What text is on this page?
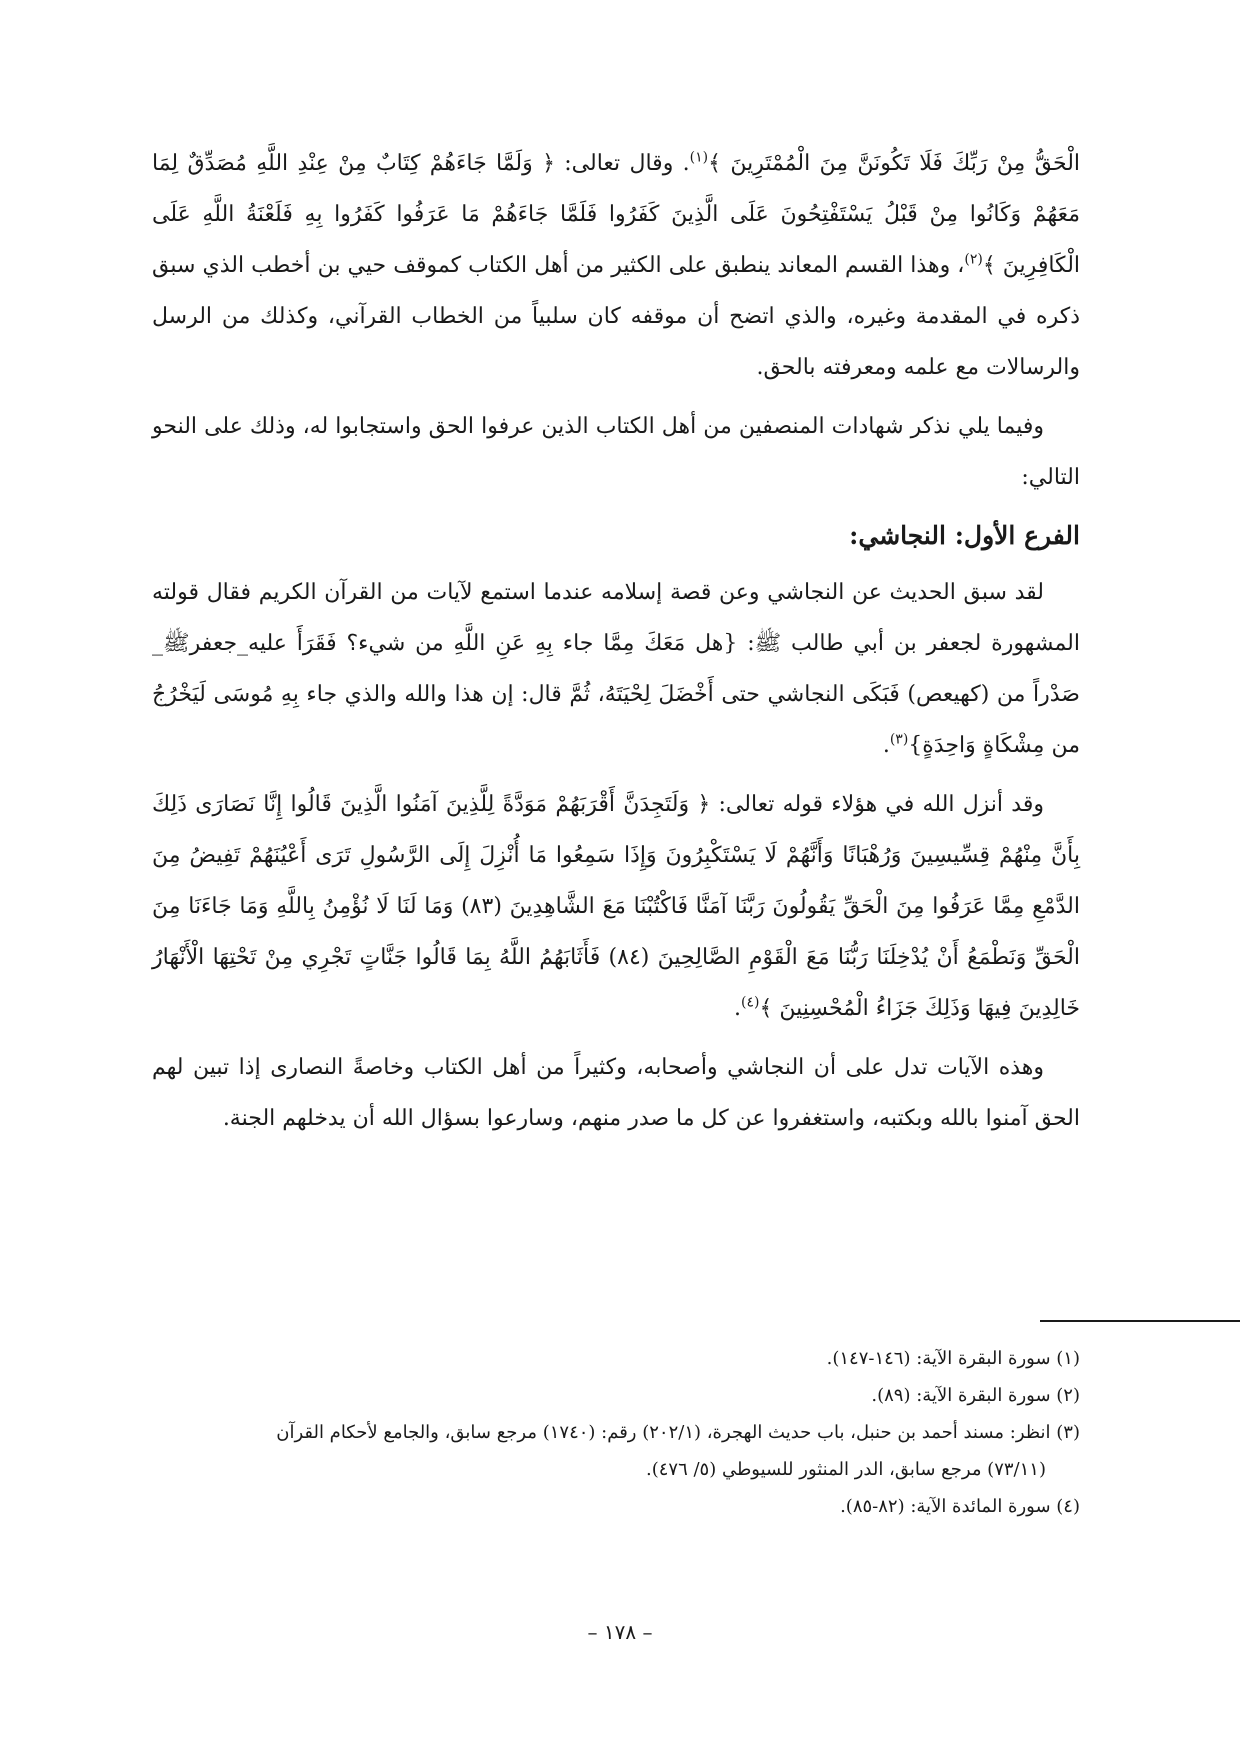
الْحَقُّ مِنْ رَبِّكَ فَلَا تَكُونَنَّ مِنَ الْمُمْتَرِينَ ﴾$^{(١)}$. وقال تعالى: ﴿ وَلَمَّا جَاءَهُمْ كِتَابٌ مِنْ عِنْدِ اللَّهِ مُصَدِّقٌ لِمَا مَعَهُمْ وَكَانُوا مِنْ قَبْلُ يَسْتَفْتِحُونَ عَلَى الَّذِينَ كَفَرُوا فَلَمَّا جَاءَهُمْ مَا عَرَفُوا كَفَرُوا بِهِ فَلَعْنَةُ اللَّهِ عَلَى الْكَافِرِينَ ﴾$^{(٢)}$، وهذا القسم المعاند ينطبق على الكثير من أهل الكتاب كموقف حيي بن أخطب الذي سبق ذكره في المقدمة وغيره، والذي اتضح أن موقفه كان سلبياً من الخطاب القرآني، وكذلك من الرسل والرسالات مع علمه ومعرفته بالحق.

وفيما يلي نذكر شهادات المنصفين من أهل الكتاب الذين عرفوا الحق واستجابوا له، وذلك على النحو التالي:

الفرع الأول: النجاشي:

لقد سبق الحديث عن النجاشي وعن قصة إسلامه عندما استمع لآيات من القرآن الكريم فقال قولته المشهورة لجعفر بن أبي طالب ﷺ: {هل مَعَكَ مِمَّا جاء بِهِ عَنِ اللَّهِ من شيء؟ فَقَرَأَ عليه_جعفرﷺ_ صَدْراً من (كهيعص) فَبَكَى النجاشي حتى أَخْضَلَ لِحْيَتَهُ، ثُمَّ قال: إن هذا والله والذي جاء بِهِ مُوسَى لَيَخْرُجُ من مِشْكَاةٍ وَاحِدَةٍ}$^{(٣)}$.

وقد أنزل الله في هؤلاء قوله تعالى: ﴿ وَلَتَجِدَنَّ أَقْرَبَهُمْ مَوَدَّةً لِلَّذِينَ آمَنُوا الَّذِينَ قَالُوا إِنَّا نَصَارَى ذَلِكَ بِأَنَّ مِنْهُمْ قِسِّيسِينَ وَرُهْبَانًا وَأَنَّهُمْ لَا يَسْتَكْبِرُونَ وَإِذَا سَمِعُوا مَا أُنْزِلَ إِلَى الرَّسُولِ تَرَى أَعْيُنَهُمْ تَفِيضُ مِنَ الدَّمْعِ مِمَّا عَرَفُوا مِنَ الْحَقِّ يَقُولُونَ رَبَّنَا آمَنَّا فَاكْتُبْنَا مَعَ الشَّاهِدِينَ (٨٣) وَمَا لَنَا لَا نُؤْمِنُ بِاللَّهِ وَمَا جَاءَنَا مِنَ الْحَقِّ وَنَطْمَعُ أَنْ يُدْخِلَنَا رَبُّنَا مَعَ الْقَوْمِ الصَّالِحِينَ (٨٤) فَأَثَابَهُمُ اللَّهُ بِمَا قَالُوا جَنَّاتٍ تَجْرِي مِنْ تَحْتِهَا الْأَنْهَارُ خَالِدِينَ فِيهَا وَذَلِكَ جَزَاءُ الْمُحْسِنِينَ ﴾$^{(٤)}$.

وهذه الآيات تدل على أن النجاشي وأصحابه، وكثيراً من أهل الكتاب وخاصةً النصارى إذا تبين لهم الحق آمنوا بالله وبكتبه، واستغفروا عن كل ما صدر منهم، وسارعوا بسؤال الله أن يدخلهم الجنة.

(١) سورة البقرة الآية: (١٤٦-١٤٧).

(٢) سورة البقرة الآية: (٨٩).

(٣) انظر: مسند أحمد بن حنبل، باب حديث الهجرة، (٢٠٢/١) رقم: (١٧٤٠) مرجع سابق، والجامع لأحكام القرآن

(٧٣/١١) مرجع سابق، الدر المنثور للسيوطي (٥/ ٤٧٦).

(٤) سورة المائدة الآية: (٨٢-٨٥).

– ١٧٨ –
